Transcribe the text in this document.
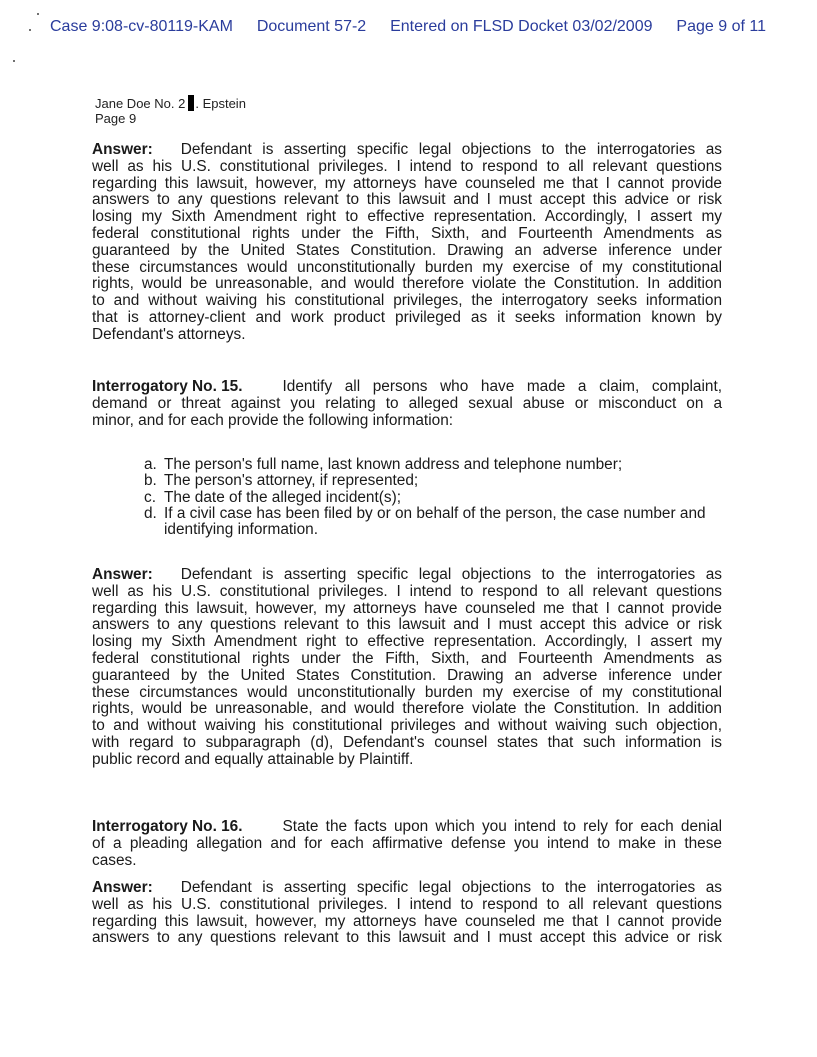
Case 9:08-cv-80119-KAM Document 57-2 Entered on FLSD Docket 03/02/2009 Page 9 of 11
Jane Doe No. 2 . Epstein
Page 9
Answer: Defendant is asserting specific legal objections to the interrogatories as
well as his U.S. constitutional privileges. I intend to respond to all relevant questions
regarding this lawsuit, however, my attorneys have counseled me that I cannot provide
answers to any questions relevant to this lawsuit and I must accept this advice or risk
losing my Sixth Amendment right to effective representation. Accordingly, I assert my
federal constitutional rights under the Fifth, Sixth, and Fourteenth Amendments as
guaranteed by the United States Constitution. Drawing an adverse inference under
these circumstances would unconstitutionally burden my exercise of my constitutional
rights, would be unreasonable, and would therefore violate the Constitution. In addition
to and without waiving his constitutional privileges, the interrogatory seeks information
that is attorney-client and work product privileged as it seeks information known by
Defendant's attorneys.
Interrogatory No. 15.	Identify all persons who have made a claim, complaint,
demand or threat against you relating to alleged sexual abuse or misconduct on a
minor, and for each provide the following information:
a. The person's full name, last known address and telephone number;
b. The person's attorney, if represented;
c. The date of the alleged incident(s);
d. If a civil case has been filed by or on behalf of the person, the case number and identifying information.
Answer: Defendant is asserting specific legal objections to the interrogatories as
well as his U.S. constitutional privileges. I intend to respond to all relevant questions
regarding this lawsuit, however, my attorneys have counseled me that I cannot provide
answers to any questions relevant to this lawsuit and I must accept this advice or risk
losing my Sixth Amendment right to effective representation. Accordingly, I assert my
federal constitutional rights under the Fifth, Sixth, and Fourteenth Amendments as
guaranteed by the United States Constitution. Drawing an adverse inference under
these circumstances would unconstitutionally burden my exercise of my constitutional
rights, would be unreasonable, and would therefore violate the Constitution. In addition
to and without waiving his constitutional privileges and without waiving such objection,
with regard to subparagraph (d), Defendant's counsel states that such information is
public record and equally attainable by Plaintiff.
Interrogatory No. 16.	State the facts upon which you intend to rely for each denial
of a pleading allegation and for each affirmative defense you intend to make in these
cases.
Answer: Defendant is asserting specific legal objections to the interrogatories as
well as his U.S. constitutional privileges. I intend to respond to all relevant questions
regarding this lawsuit, however, my attorneys have counseled me that I cannot provide
answers to any questions relevant to this lawsuit and I must accept this advice or risk
